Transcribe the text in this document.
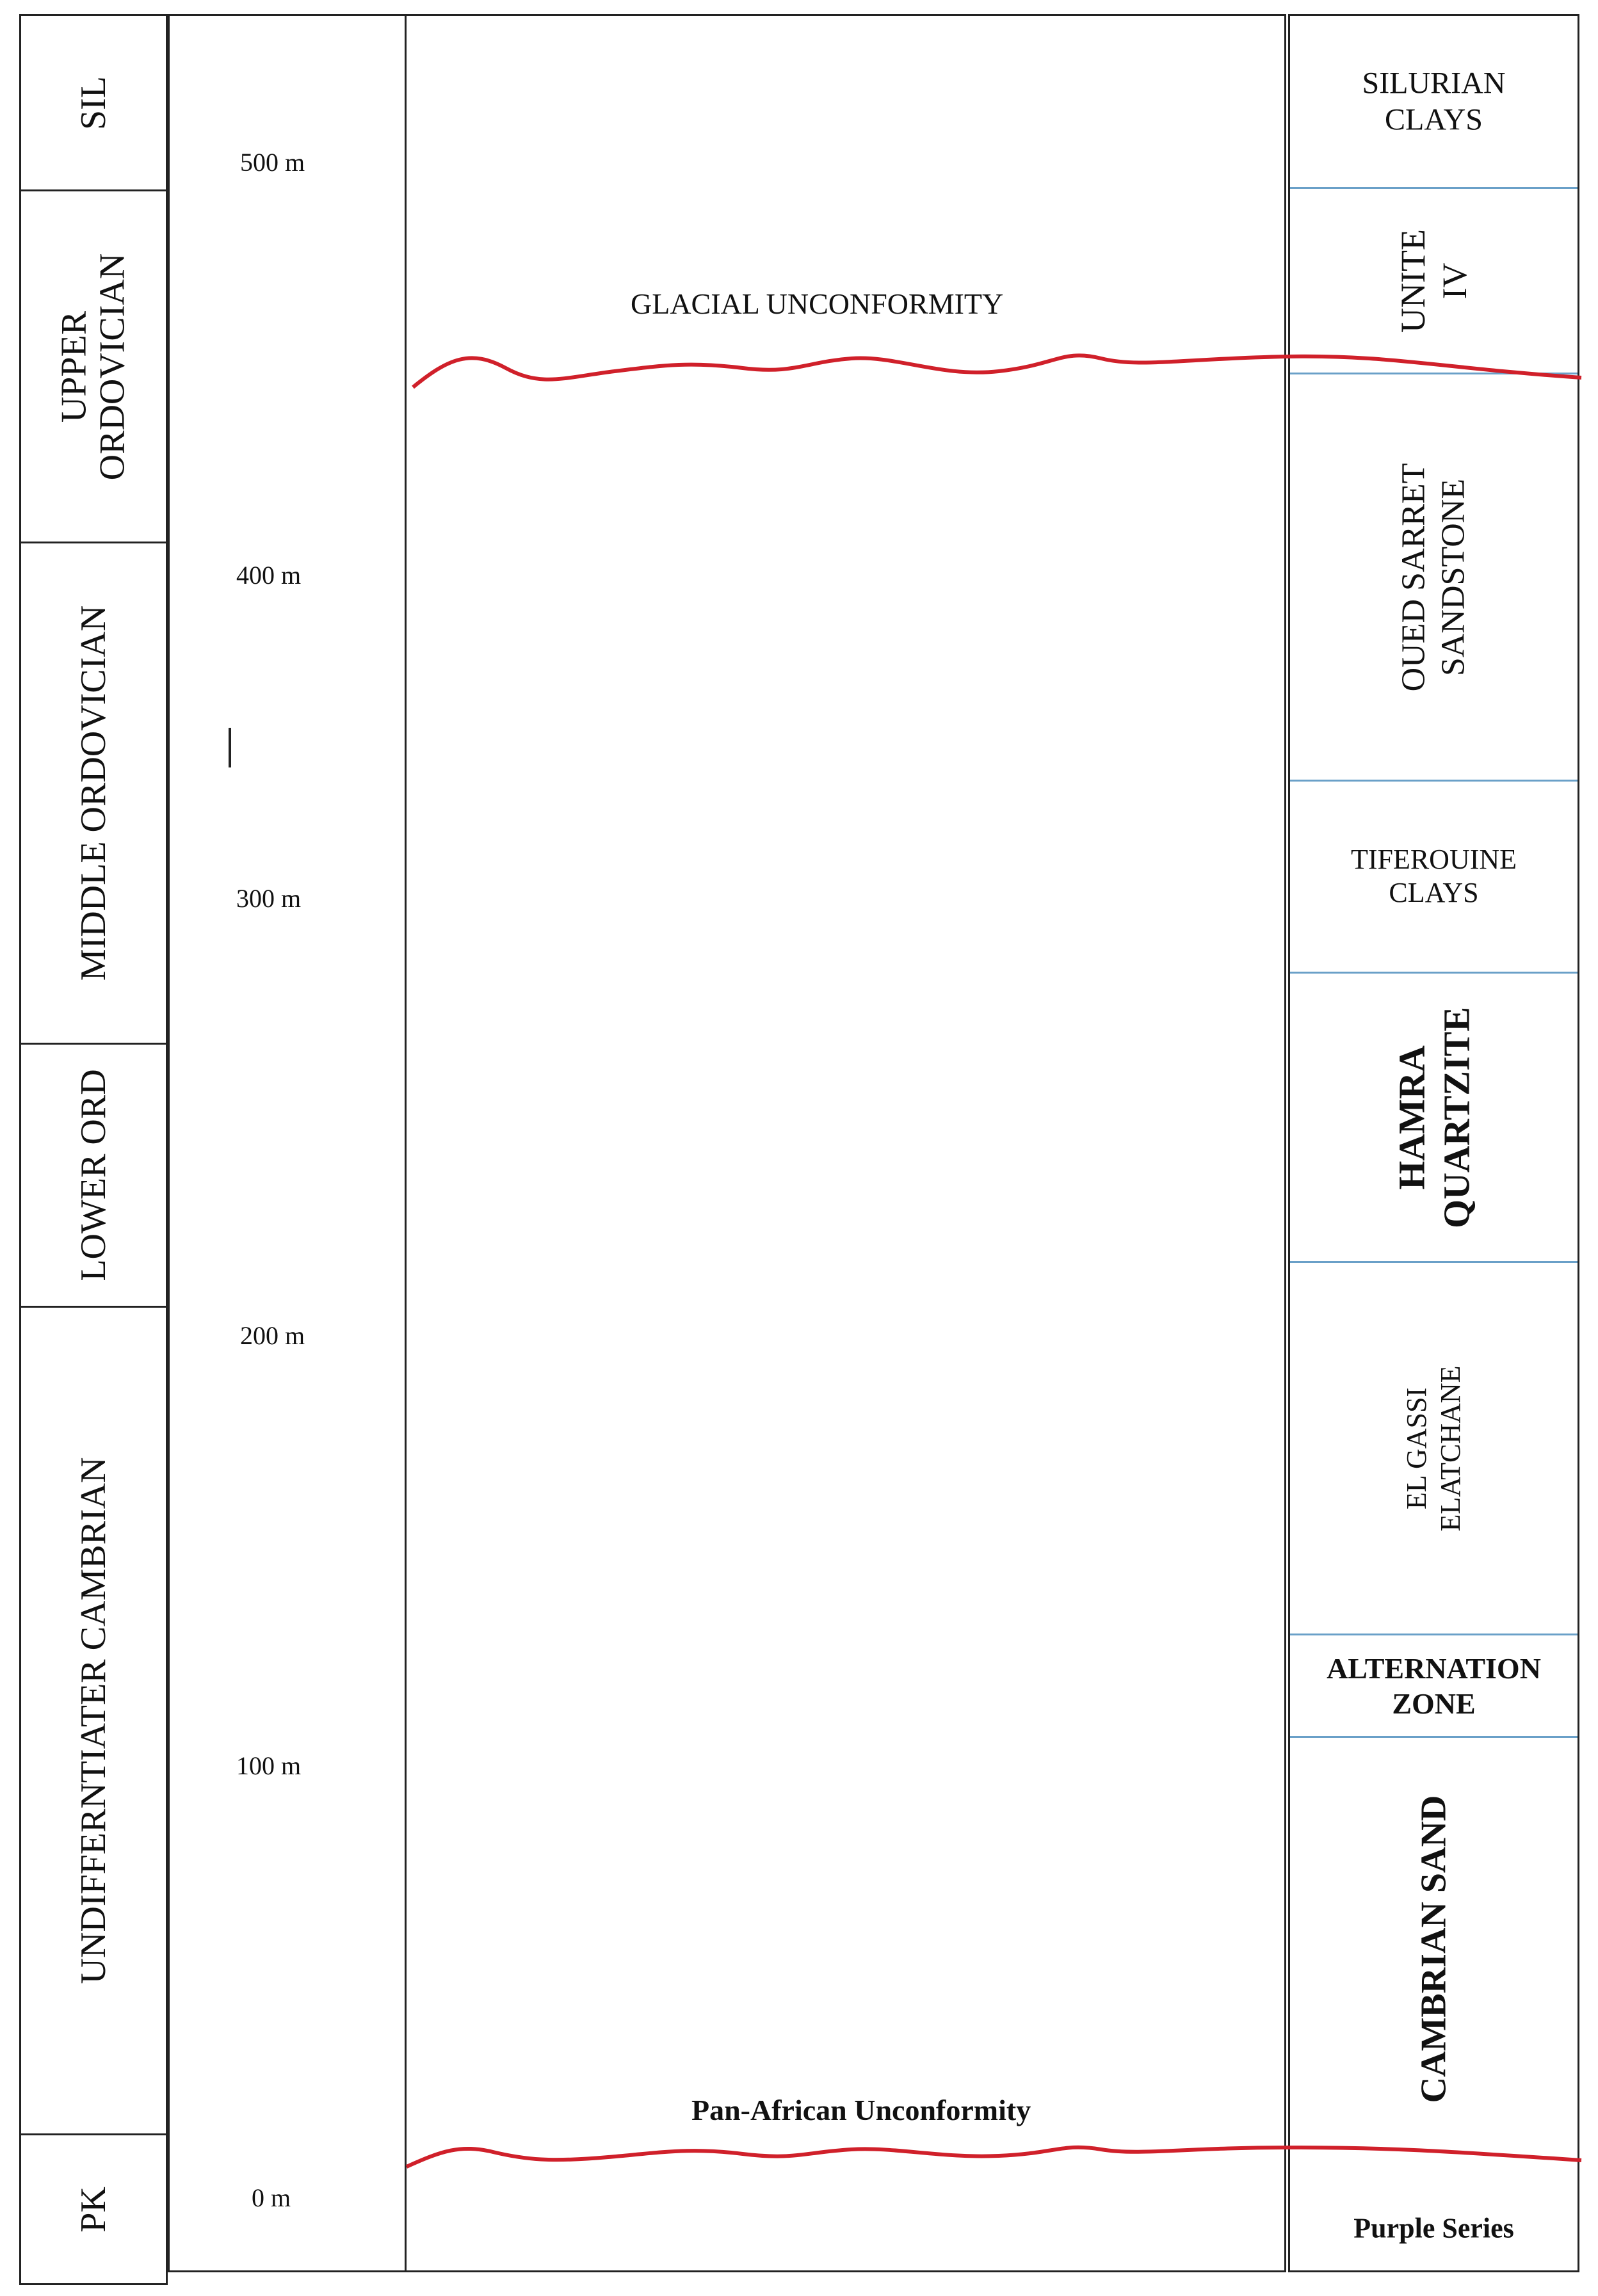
SIL
UPPER
ORDOVICIAN
MIDDLE ORDOVICIAN
LOWER ORD
UNDIFFERNTIATER CAMBRIAN
PK
500 m
400 m
300 m
200 m
100 m
0 m
SILURIAN
CLAYS
UNITE
IV
OUED SARRET
SANDSTONE
TIFEROUINE
CLAYS
HAMRA
QUARTZITE
EL GASSI
ELATCHANE
ALTERNATION
ZONE
CAMBRIAN SAND
Purple Series
GLACIAL UNCONFORMITY
Pan-African Unconformity
